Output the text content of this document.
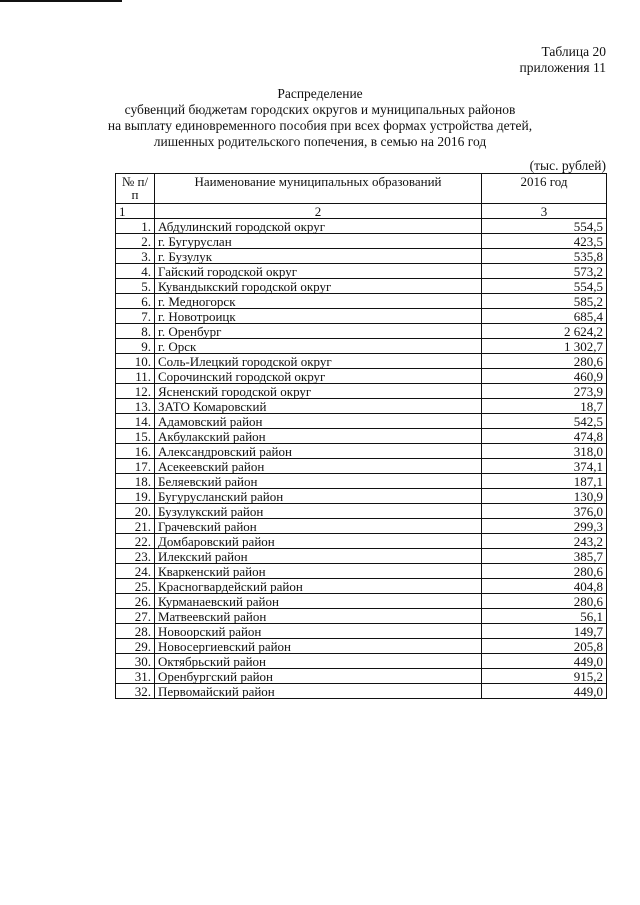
Таблица 20
приложения 11
Распределение
субвенций бюджетам городских округов и муниципальных районов
на выплату единовременного пособия при всех формах устройства детей,
лишенных родительского попечения, в семью на 2016 год
(тыс. рублей)
№ п/п	Наименование муниципальных образований	2016 год
1	2	3
1.	Абдулинский городской округ	554,5
2.	г. Бугуруслан	423,5
3.	г. Бузулук	535,8
4.	Гайский городской округ	573,2
5.	Кувандыкский городской округ	554,5
6.	г. Медногорск	585,2
7.	г. Новотроицк	685,4
8.	г. Оренбург	2 624,2
9.	г. Орск	1 302,7
10.	Соль-Илецкий городской округ	280,6
11.	Сорочинский городской округ	460,9
12.	Ясненский городской округ	273,9
13.	ЗАТО Комаровский	18,7
14.	Адамовский район	542,5
15.	Акбулакский район	474,8
16.	Александровский район	318,0
17.	Асекеевский район	374,1
18.	Беляевский район	187,1
19.	Бугурусланский район	130,9
20.	Бузулукский район	376,0
21.	Грачевский район	299,3
22.	Домбаровский район	243,2
23.	Илекский район	385,7
24.	Кваркенский район	280,6
25.	Красногвардейский район	404,8
26.	Курманаевский район	280,6
27.	Матвеевский район	56,1
28.	Новоорский район	149,7
29.	Новосергиевский район	205,8
30.	Октябрьский район	449,0
31.	Оренбургский район	915,2
32.	Первомайский район	449,0
